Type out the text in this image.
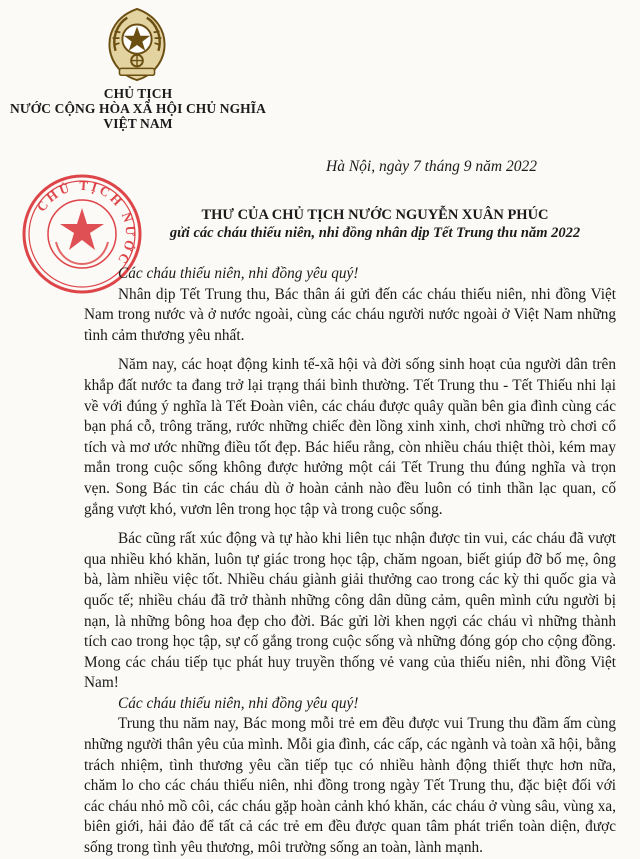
CHỦ TỊCH
NƯỚC CỘNG HÒA XÃ HỘI CHỦ NGHĨA
VIỆT NAM
Hà Nội, ngày 7 tháng 9 năm 2022
CHỦ TỊCH NƯỚC
THƯ CỦA CHỦ TỊCH NƯỚC NGUYỄN XUÂN PHÚC
gửi các cháu thiếu niên, nhi đồng nhân dịp Tết Trung thu năm 2022

Các cháu thiếu niên, nhi đồng yêu quý!

Nhân dịp Tết Trung thu, Bác thân ái gửi đến các cháu thiếu niên, nhi đồng Việt Nam trong nước và ở nước ngoài, cùng các cháu người nước ngoài ở Việt Nam những tình cảm thương yêu nhất.

Năm nay, các hoạt động kinh tế-xã hội và đời sống sinh hoạt của người dân trên khắp đất nước ta đang trở lại trạng thái bình thường. Tết Trung thu - Tết Thiếu nhi lại về với đúng ý nghĩa là Tết Đoàn viên, các cháu được quây quần bên gia đình cùng các bạn phá cỗ, trông trăng, rước những chiếc đèn lồng xinh xinh, chơi những trò chơi cổ tích và mơ ước những điều tốt đẹp. Bác hiểu rằng, còn nhiều cháu thiệt thòi, kém may mắn trong cuộc sống không được hưởng một cái Tết Trung thu đúng nghĩa và trọn vẹn. Song Bác tin các cháu dù ở hoàn cảnh nào đều luôn có tinh thần lạc quan, cố gắng vượt khó, vươn lên trong học tập và trong cuộc sống.

Bác cũng rất xúc động và tự hào khi liên tục nhận được tin vui, các cháu đã vượt qua nhiều khó khăn, luôn tự giác trong học tập, chăm ngoan, biết giúp đỡ bố mẹ, ông bà, làm nhiều việc tốt. Nhiều cháu giành giải thưởng cao trong các kỳ thi quốc gia và quốc tế; nhiều cháu đã trở thành những công dân dũng cảm, quên mình cứu người bị nạn, là những bông hoa đẹp cho đời. Bác gửi lời khen ngợi các cháu vì những thành tích cao trong học tập, sự cố gắng trong cuộc sống và những đóng góp cho cộng đồng. Mong các cháu tiếp tục phát huy truyền thống vẻ vang của thiếu niên, nhi đồng Việt Nam!

Các cháu thiếu niên, nhi đồng yêu quý!

Trung thu năm nay, Bác mong mỗi trẻ em đều được vui Trung thu đầm ấm cùng những người thân yêu của mình. Mỗi gia đình, các cấp, các ngành và toàn xã hội, bằng trách nhiệm, tình thương yêu cần tiếp tục có nhiều hành động thiết thực hơn nữa, chăm lo cho các cháu thiếu niên, nhi đồng trong ngày Tết Trung thu, đặc biệt đối với các cháu nhỏ mồ côi, các cháu gặp hoàn cảnh khó khăn, các cháu ở vùng sâu, vùng xa, biên giới, hải đảo để tất cả các trẻ em đều được quan tâm phát triển toàn diện, được sống trong tình yêu thương, môi trường sống an toàn, lành mạnh.
